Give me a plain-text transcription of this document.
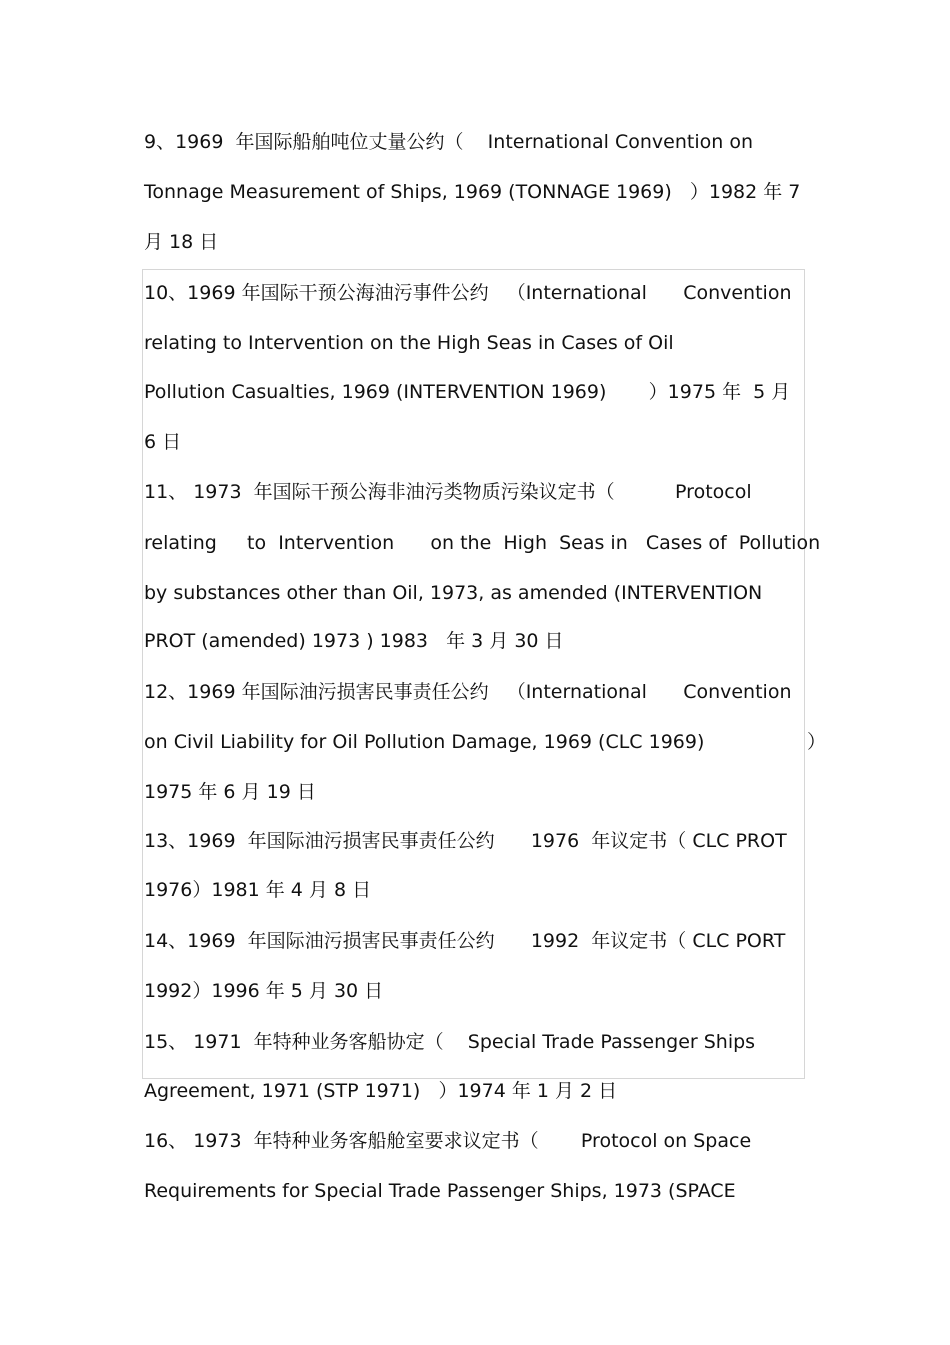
9、1969  年国际船舶吨位丈量公约（    International Convention on
Tonnage Measurement of Ships, 1969 (TONNAGE 1969)   ）1982 年 7
月 18 日
10、1969 年国际干预公海油污事件公约   （International      Convention
relating to Intervention on the High Seas in Cases of Oil
Pollution Casualties, 1969 (INTERVENTION 1969)       ）1975 年  5 月
6 日
11、 1973  年国际干预公海非油污类物质污染议定书（          Protocol
relating     to  Intervention      on the  High  Seas in   Cases of  Pollution
by substances other than Oil, 1973, as amended (INTERVENTION
PROT (amended) 1973 ) 1983   年 3 月 30 日
12、1969 年国际油污损害民事责任公约   （International      Convention
on Civil Liability for Oil Pollution Damage, 1969 (CLC 1969)                 ）
1975 年 6 月 19 日
13、1969  年国际油污损害民事责任公约      1976  年议定书（ CLC PROT
1976）1981 年 4 月 8 日
14、1969  年国际油污损害民事责任公约      1992  年议定书（ CLC PORT
1992）1996 年 5 月 30 日
15、 1971  年特种业务客船协定（    Special Trade Passenger Ships
Agreement, 1971 (STP 1971)   ）1974 年 1 月 2 日
16、 1973  年特种业务客船舱室要求议定书（       Protocol on Space
Requirements for Special Trade Passenger Ships, 1973 (SPACE
